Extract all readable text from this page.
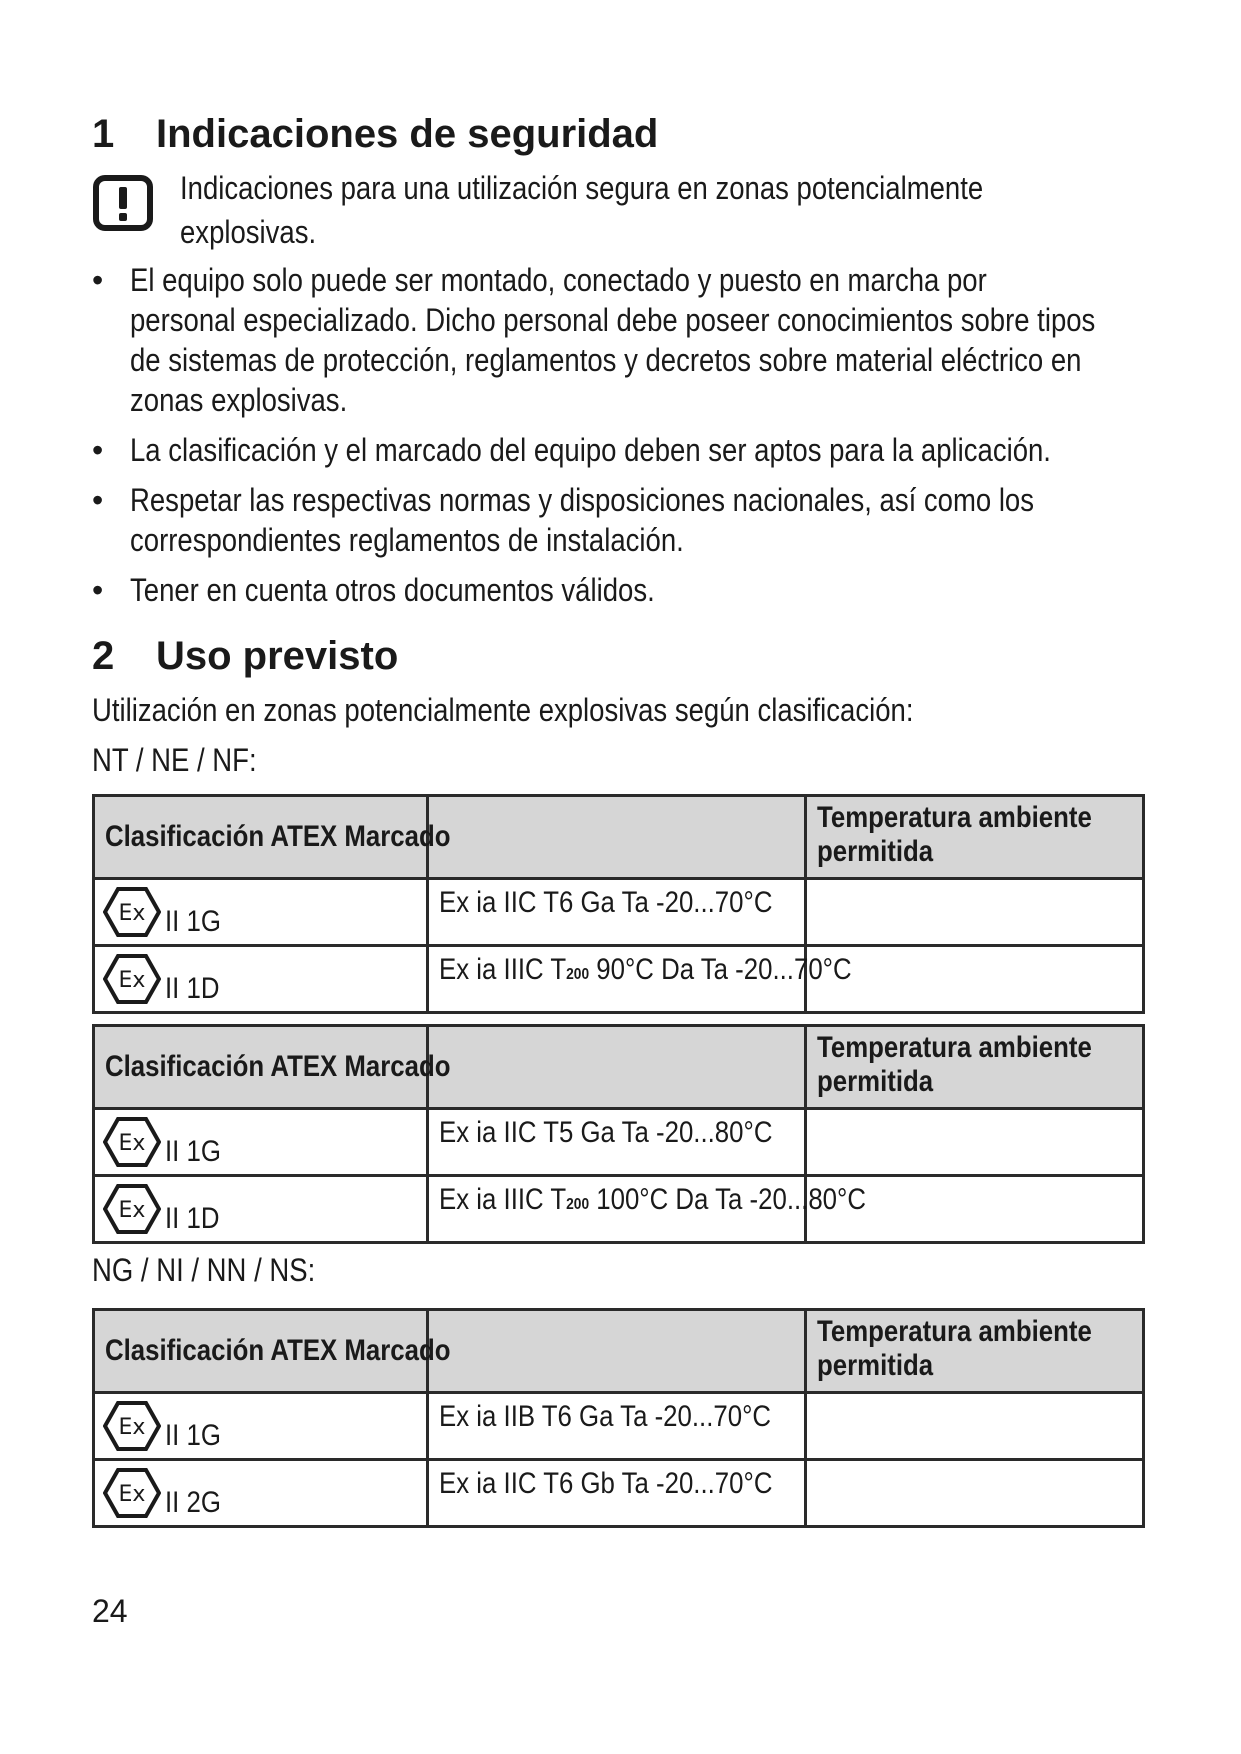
1	Indicaciones de seguridad
Indicaciones para una utilización segura en zonas potencialmente
explosivas.
• El equipo solo puede ser montado, conectado y puesto en marcha por
personal especializado. Dicho personal debe poseer conocimientos sobre tipos
de sistemas de protección, reglamentos y decretos sobre material eléctrico en
zonas explosivas.
• La clasificación y el marcado del equipo deben ser aptos para la aplicación.
• Respetar las respectivas normas y disposiciones nacionales, así como los
correspondientes reglamentos de instalación.
• Tener en cuenta otros documentos válidos.
2	Uso previsto
Utilización en zonas potencialmente explosivas según clasificación:
NT / NE / NF:
Clasificación ATEX Marcado		Temperatura ambiente
permitida

Ex II 1G	Ex ia IIC T6 Ga Ta -20...70°C	

Ex II 1D	Ex ia IIIC T200 90°C Da Ta -20...70°C	

Clasificación ATEX Marcado		Temperatura ambiente
permitida

Ex II 1G	Ex ia IIC T5 Ga Ta -20...80°C	

Ex II 1D	Ex ia IIIC T200 100°C Da Ta -20...80°C	

NG / NI / NN / NS:
Clasificación ATEX Marcado		Temperatura ambiente
permitida

Ex II 1G	Ex ia IIB T6 Ga Ta -20...70°C	

Ex II 2G	Ex ia IIC T6 Gb Ta -20...70°C	

24
